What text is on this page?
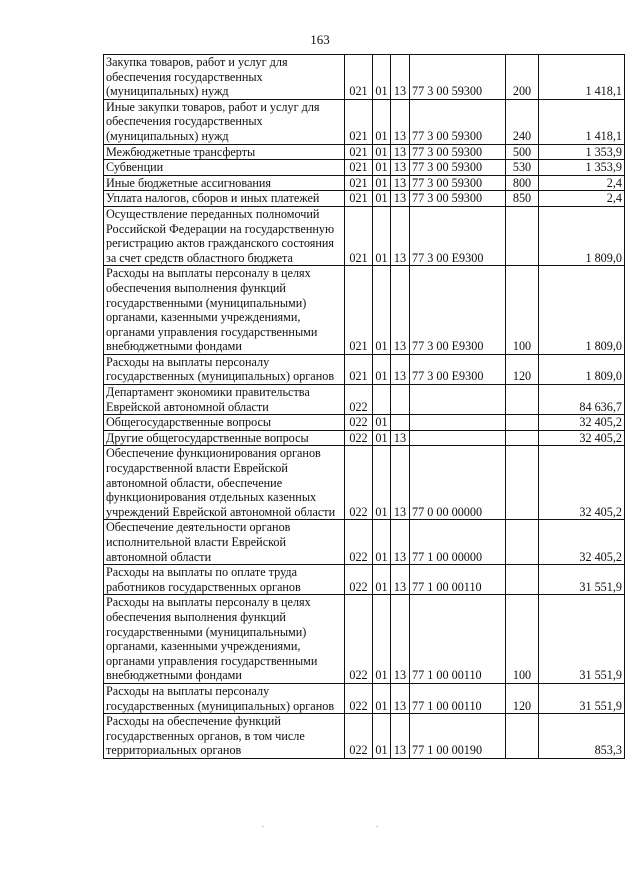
163
Закупка товаров, работ и услуг для обеспечения государственных (муниципальных) нужд	021	01	13	77 3 00 59300	200	1 418,1
Иные закупки товаров, работ и услуг для обеспечения государственных (муниципальных) нужд	021	01	13	77 3 00 59300	240	1 418,1
Межбюджетные трансферты	021	01	13	77 3 00 59300	500	1 353,9
Субвенции	021	01	13	77 3 00 59300	530	1 353,9
Иные бюджетные ассигнования	021	01	13	77 3 00 59300	800	2,4
Уплата налогов, сборов и иных платежей	021	01	13	77 3 00 59300	850	2,4
Осуществление переданных полномочий Российской Федерации на государственную регистрацию актов гражданского состояния за счет средств областного бюджета	021	01	13	77 3 00 E9300		1 809,0
Расходы на выплаты персоналу в целях обеспечения выполнения функций государственными (муниципальными) органами, казенными учреждениями, органами управления государственными внебюджетными фондами	021	01	13	77 3 00 E9300	100	1 809,0
Расходы на выплаты персоналу государственных (муниципальных) органов	021	01	13	77 3 00 E9300	120	1 809,0
Департамент экономики правительства Еврейской автономной области	022					84 636,7
Общегосударственные вопросы	022	01				32 405,2
Другие общегосударственные вопросы	022	01	13			32 405,2
Обеспечение функционирования органов государственной власти Еврейской автономной области, обеспечение функционирования отдельных казенных учреждений Еврейской автономной области	022	01	13	77 0 00 00000		32 405,2
Обеспечение деятельности органов исполнительной власти Еврейской автономной области	022	01	13	77 1 00 00000		32 405,2
Расходы на выплаты по оплате труда работников государственных органов	022	01	13	77 1 00 00110		31 551,9
Расходы на выплаты персоналу в целях обеспечения выполнения функций государственными (муниципальными) органами, казенными учреждениями, органами управления государственными внебюджетными фондами	022	01	13	77 1 00 00110	100	31 551,9
Расходы на выплаты персоналу государственных (муниципальных) органов	022	01	13	77 1 00 00110	120	31 551,9
Расходы на обеспечение функций государственных органов, в том числе территориальных органов	022	01	13	77 1 00 00190		853,3
.	.
